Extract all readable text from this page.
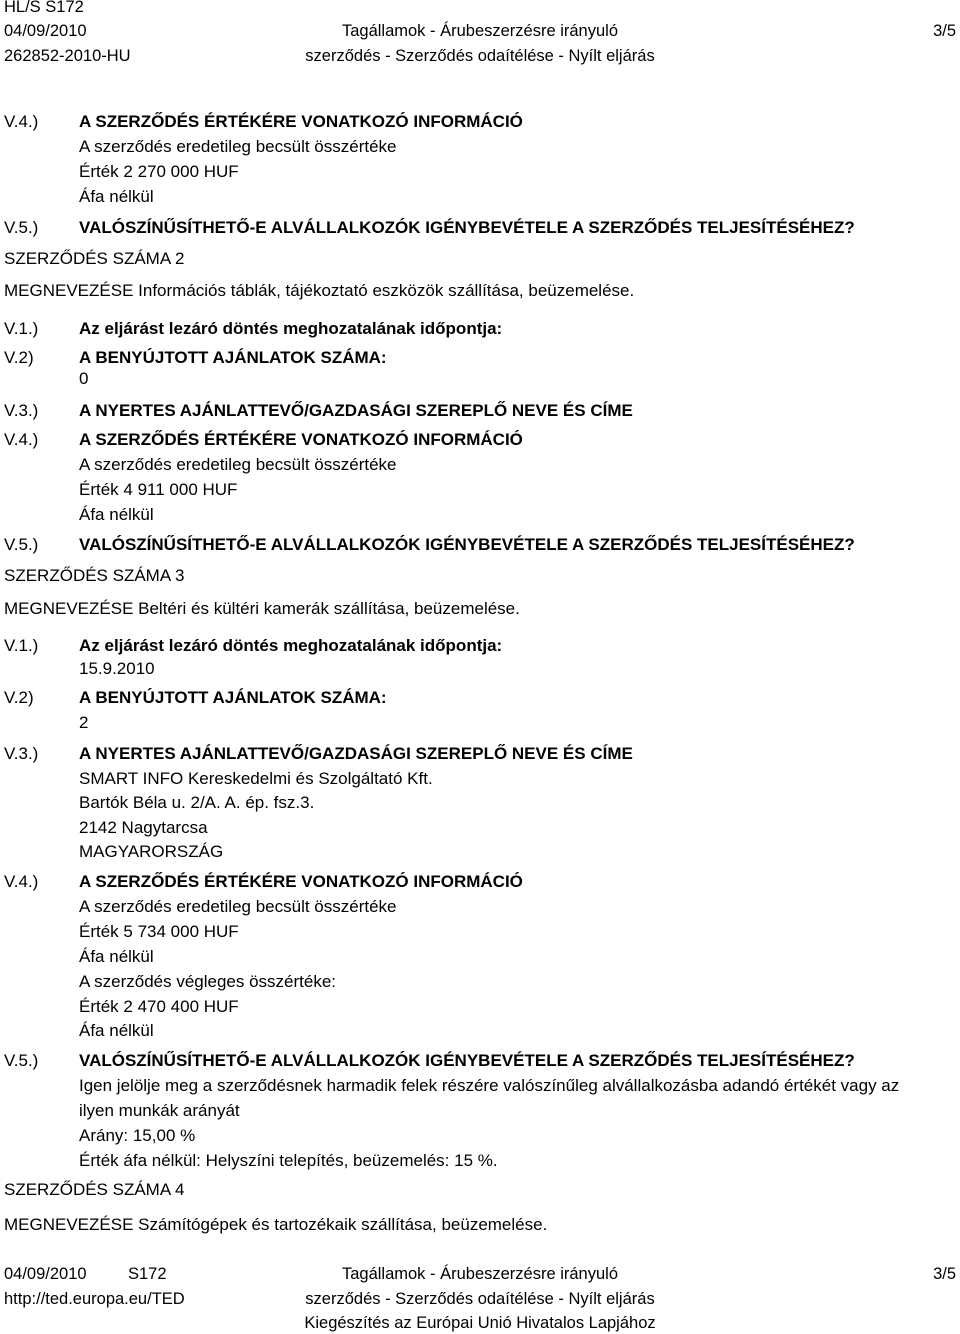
HL/S S172
04/09/2010
262852-2010-HU
Tagállamok - Árubeszerzésre irányuló
szerződés - Szerződés odaítélése - Nyílt eljárás
3/5
V.4.) A SZERZŐDÉS ÉRTÉKÉRE VONATKOZÓ INFORMÁCIÓ
A szerződés eredetileg becsült összértéke
Érték 2 270 000 HUF
Áfa nélkül
V.5.) VALÓSZÍNŰSÍTHETŐ-E ALVÁLLALKOZÓK IGÉNYBEVÉTELE A SZERZŐDÉS TELJESÍTÉSÉHEZ?
SZERZŐDÉS SZÁMA 2
MEGNEVEZÉSE Információs táblák, tájékoztató eszközök szállítása, beüzemelése.
V.1.) Az eljárást lezáró döntés meghozatalának időpontja:
V.2)	A BENYÚJTOTT AJÁNLATOK SZÁMA:
0
V.3.) A NYERTES AJÁNLATTEVŐ/GAZDASÁGI SZEREPLŐ NEVE ÉS CÍME
V.4.) A SZERZŐDÉS ÉRTÉKÉRE VONATKOZÓ INFORMÁCIÓ
A szerződés eredetileg becsült összértéke
Érték 4 911 000 HUF
Áfa nélkül
V.5.) VALÓSZÍNŰSÍTHETŐ-E ALVÁLLALKOZÓK IGÉNYBEVÉTELE A SZERZŐDÉS TELJESÍTÉSÉHEZ?
SZERZŐDÉS SZÁMA 3
MEGNEVEZÉSE Beltéri és kültéri kamerák szállítása, beüzemelése.
V.1.) Az eljárást lezáró döntés meghozatalának időpontja:
15.9.2010
V.2)	A BENYÚJTOTT AJÁNLATOK SZÁMA:
2
V.3.) A NYERTES AJÁNLATTEVŐ/GAZDASÁGI SZEREPLŐ NEVE ÉS CÍME
SMART INFO Kereskedelmi és Szolgáltató Kft.
Bartók Béla u. 2/A. A. ép. fsz.3.
2142 Nagytarcsa
MAGYARORSZÁG
V.4.) A SZERZŐDÉS ÉRTÉKÉRE VONATKOZÓ INFORMÁCIÓ
A szerződés eredetileg becsült összértéke
Érték 5 734 000 HUF
Áfa nélkül
A szerződés végleges összértéke:
Érték 2 470 400 HUF
Áfa nélkül
V.5.) VALÓSZÍNŰSÍTHETŐ-E ALVÁLLALKOZÓK IGÉNYBEVÉTELE A SZERZŐDÉS TELJESÍTÉSÉHEZ?
Igen jelölje meg a szerződésnek harmadik felek részére valószínűleg alvállalkozásba adandó értékét vagy az
ilyen munkák arányát
Arány: 15,00 %
Érték áfa nélkül: Helyszíni telepítés, beüzemelés: 15 %.
SZERZŐDÉS SZÁMA 4
MEGNEVEZÉSE Számítógépek és tartozékaik szállítása, beüzemelése.
04/09/2010	S172
http://ted.europa.eu/TED
Tagállamok - Árubeszerzésre irányuló
szerződés - Szerződés odaítélése - Nyílt eljárás
Kiegészítés az Európai Unió Hivatalos Lapjához
3/5
